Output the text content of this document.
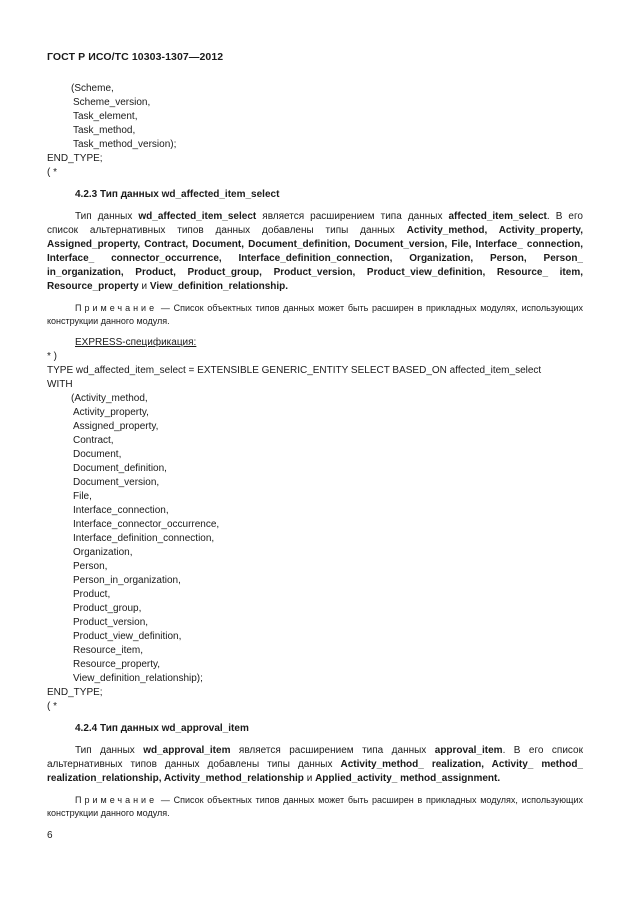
ГОСТ Р ИСО/ТС 10303-1307—2012
(Scheme,
Scheme_version,
Task_element,
Task_method,
Task_method_version);
END_TYPE;
( *
4.2.3 Тип данных wd_affected_item_select
Тип данных wd_affected_item_select является расширением типа данных affected_item_select. В его список альтернативных типов данных добавлены типы данных Activity_method, Activity_property, Assigned_property, Contract, Document, Document_definition, Document_version, File, Interface_ connection, Interface_ connector_occurrence, Interface_definition_connection, Organization, Person, Person_ in_organization, Product, Product_group, Product_version, Product_view_definition, Resource_ item, Resource_property и View_definition_relationship.
Примечание — Список объектных типов данных может быть расширен в прикладных модулях, использующих конструкции данного модуля.
EXPRESS-спецификация:
* )
TYPE wd_affected_item_select = EXTENSIBLE GENERIC_ENTITY SELECT BASED_ON affected_item_select
WITH
(Activity_method,
Activity_property,
Assigned_property,
Contract,
Document,
Document_definition,
Document_version,
File,
Interface_connection,
Interface_connector_occurrence,
Interface_definition_connection,
Organization,
Person,
Person_in_organization,
Product,
Product_group,
Product_version,
Product_view_definition,
Resource_item,
Resource_property,
View_definition_relationship);
END_TYPE;
( *
4.2.4 Тип данных wd_approval_item
Тип данных wd_approval_item является расширением типа данных approval_item. В его список альтернативных типов данных добавлены типы данных Activity_method_ realization, Activity_ method_ realization_relationship, Activity_method_relationship и Applied_activity_ method_assignment.
Примечание — Список объектных типов данных может быть расширен в прикладных модулях, использующих конструкции данного модуля.
6
